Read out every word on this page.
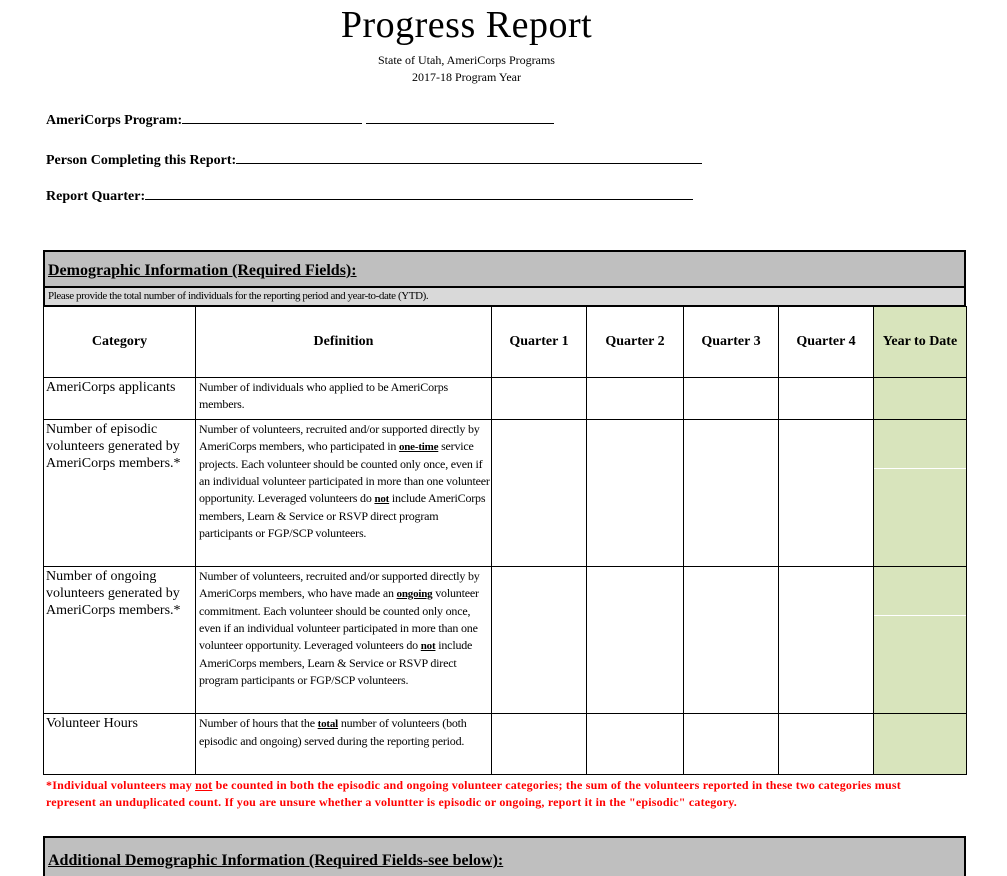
Progress Report
State of Utah, AmeriCorps Programs
2017-18 Program Year
AmeriCorps Program:
Person Completing this Report:
Report Quarter:
Demographic Information (Required Fields):
Please provide the total number of individuals for the reporting period and year-to-date (YTD).
Category	Definition	Quarter 1	Quarter 2	Quarter 3	Quarter 4	Year to Date
AmeriCorps applicants	Number of individuals who applied to be AmeriCorps members.					
Number of episodic volunteers generated by AmeriCorps members.*	Number of volunteers, recruited and/or supported directly by AmeriCorps members, who participated in one-time service projects. Each volunteer should be counted only once, even if an individual volunteer participated in more than one volunteer opportunity. Leveraged volunteers do not include AmeriCorps members, Learn & Service or RSVP direct program participants or FGP/SCP volunteers.					

Number of ongoing volunteers generated by AmeriCorps members.*	Number of volunteers, recruited and/or supported directly by AmeriCorps members, who have made an ongoing volunteer commitment. Each volunteer should be counted only once, even if an individual volunteer participated in more than one volunteer opportunity. Leveraged volunteers do not include AmeriCorps members, Learn & Service or RSVP direct program participants or FGP/SCP volunteers.					

Volunteer Hours	Number of hours that the total number of volunteers (both episodic and ongoing) served during the reporting period.					
*Individual volunteers may not be counted in both the episodic and ongoing volunteer categories; the sum of the volunteers reported in these two categories must represent an unduplicated count. If you are unsure whether a voluntter is episodic or ongoing, report it in the "episodic" category.
Additional Demographic Information (Required Fields-see below):
